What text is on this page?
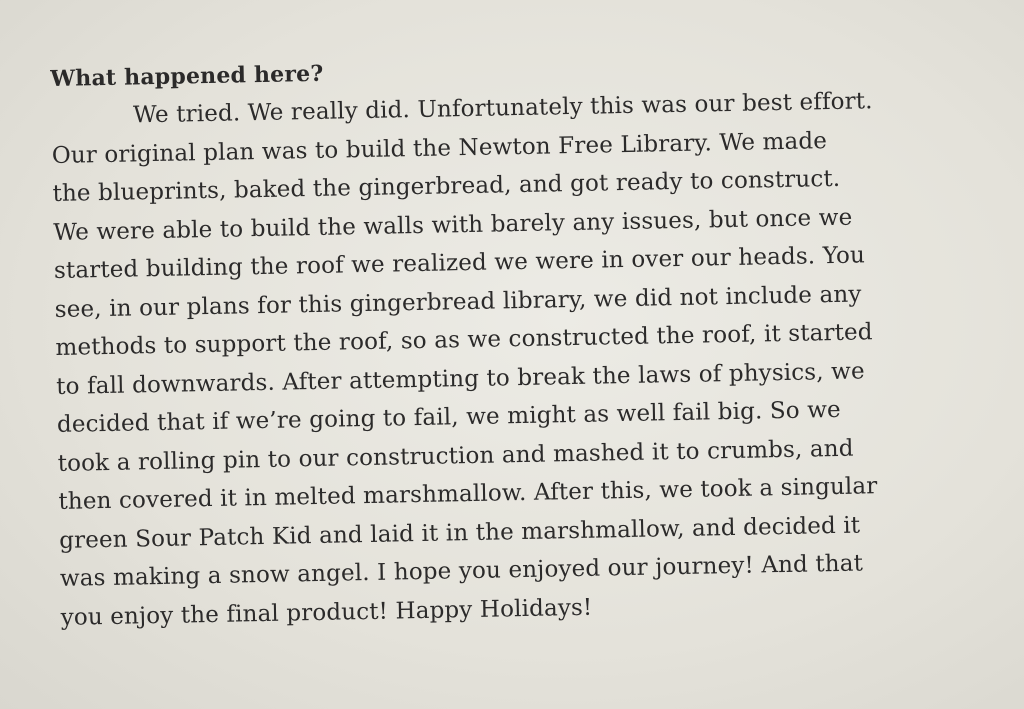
What happened here?

We tried. We really did. Unfortunately this was our best effort.

Our original plan was to build the Newton Free Library. We made

the blueprints, baked the gingerbread, and got ready to construct.

We were able to build the walls with barely any issues, but once we

started building the roof we realized we were in over our heads. You

see, in our plans for this gingerbread library, we did not include any

methods to support the roof, so as we constructed the roof, it started

to fall downwards. After attempting to break the laws of physics, we

decided that if we’re going to fail, we might as well fail big. So we

took a rolling pin to our construction and mashed it to crumbs, and

then covered it in melted marshmallow. After this, we took a singular

green Sour Patch Kid and laid it in the marshmallow, and decided it

was making a snow angel. I hope you enjoyed our journey! And that

you enjoy the final product! Happy Holidays!
